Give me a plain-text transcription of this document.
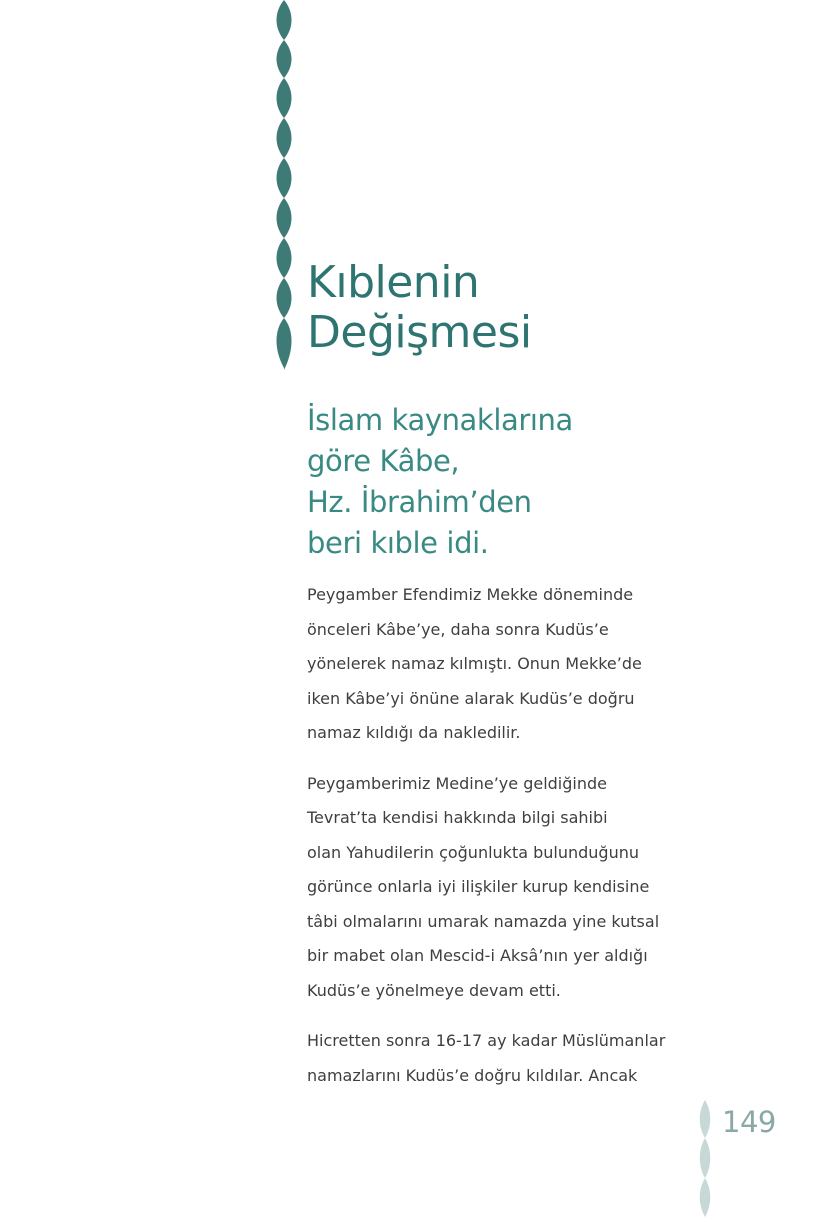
Kıblenin
Değişmesi

İslam kaynaklarına
göre Kâbe,
Hz. İbrahim’den
beri kıble idi.

Peygamber Efendimiz Mekke döneminde
önceleri Kâbe’ye, daha sonra Kudüs’e
yönelerek namaz kılmıştı. Onun Mekke’de
iken Kâbe’yi önüne alarak Kudüs’e doğru
namaz kıldığı da nakledilir.

Peygamberimiz Medine’ye geldiğinde
Tevrat’ta kendisi hakkında bilgi sahibi
olan Yahudilerin çoğunlukta bulunduğunu
görünce onlarla iyi ilişkiler kurup kendisine
tâbi olmalarını umarak namazda yine kutsal
bir mabet olan Mescid-i Aksâ’nın yer aldığı
Kudüs’e yönelmeye devam etti.

Hicretten sonra 16-17 ay kadar Müslümanlar
namazlarını Kudüs’e doğru kıldılar. Ancak

149
